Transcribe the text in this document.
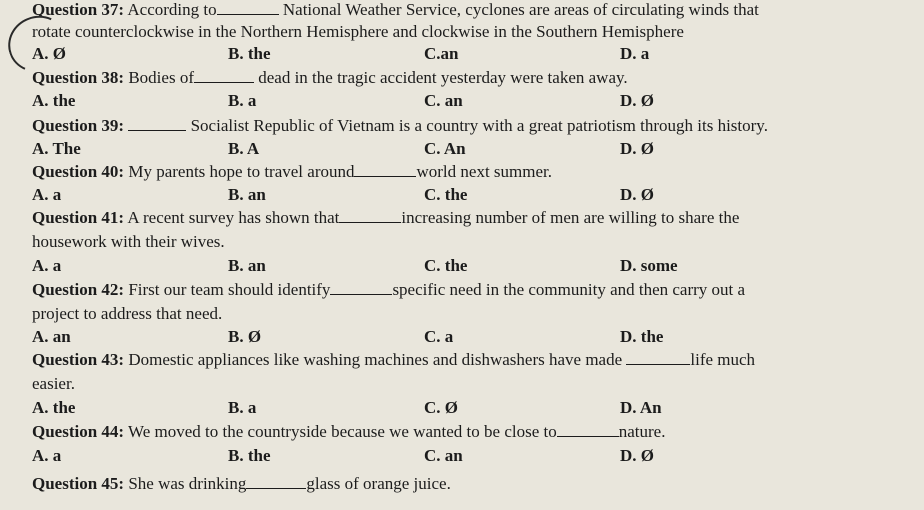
Question 37: According to	National Weather Service, cyclones are areas of circulating winds that
rotate counterclockwise in the Northern Hemisphere and clockwise in the Southern Hemisphere
A. Ø	B. the	C.an	D. a
Question 38: Bodies of	dead in the tragic accident yesterday were taken away.
A. the	B. a	C. an	D. Ø
Question 39:	Socialist Republic of Vietnam is a country with a great patriotism through its history.
A. The	B. A	C. An	D. Ø
Question 40: My parents hope to travel around	world next summer.
A. a	B. an	C. the	D. Ø
Question 41: A recent survey has shown that	increasing number of men are willing to share the
housework with their wives.
A. a	B. an	C. the	D. some
Question 42: First our team should identify	specific need in the community and then carry out a
project to address that need.
A. an	B. Ø	C. a	D. the
Question 43: Domestic appliances like washing machines and dishwashers have made	life much
easier.
A. the	B. a	C. Ø	D. An
Question 44: We moved to the countryside because we wanted to be close to	nature.
A. a	B. the	C. an	D. Ø
Question 45: She was drinking	glass of orange juice.
